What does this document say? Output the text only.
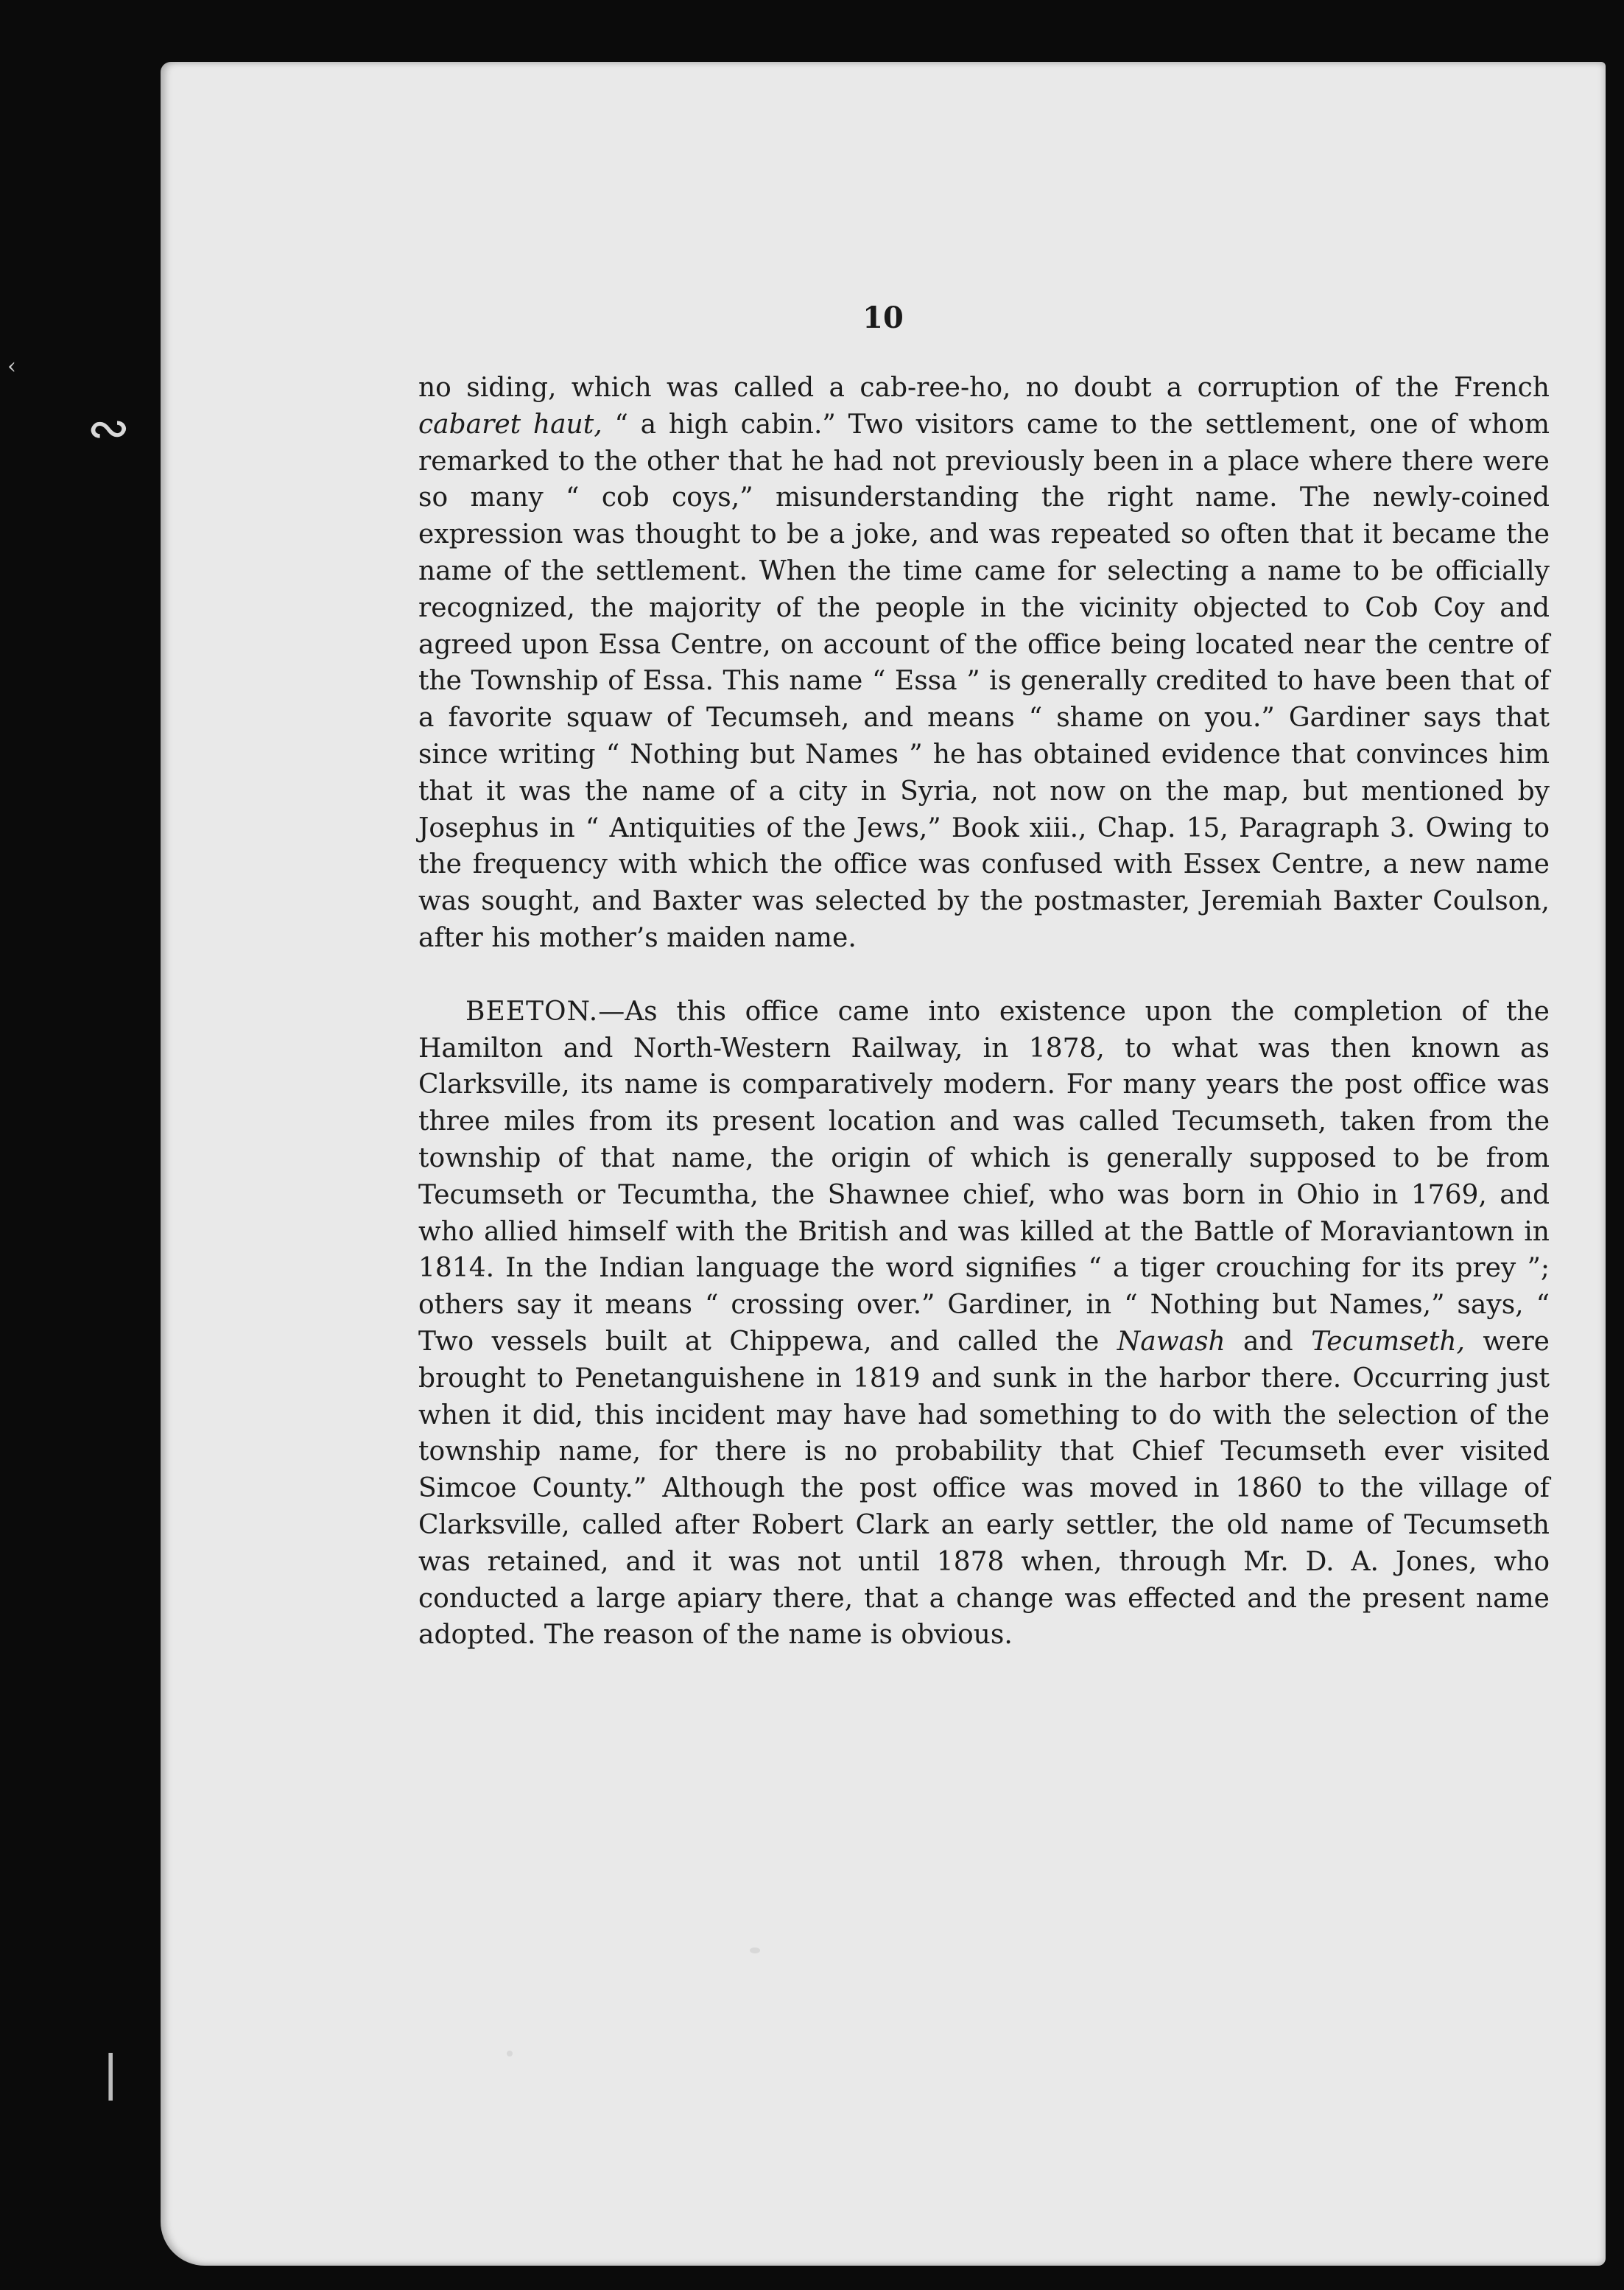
10

no siding, which was called a cab-ree-ho, no doubt a corruption of the French cabaret haut, “ a high cabin.” Two visitors came to the settlement, one of whom remarked to the other that he had not previously been in a place where there were so many “ cob coys,” misunderstanding the right name. The newly-coined expression was thought to be a joke, and was repeated so often that it became the name of the settlement. When the time came for selecting a name to be officially recognized, the majority of the people in the vicinity objected to Cob Coy and agreed upon Essa Centre, on account of the office being located near the centre of the Township of Essa. This name “ Essa ” is generally credited to have been that of a favorite squaw of Tecumseh, and means “ shame on you.” Gardiner says that since writing “ Nothing but Names ” he has obtained evidence that convinces him that it was the name of a city in Syria, not now on the map, but mentioned by Josephus in “ Antiquities of the Jews,” Book xiii., Chap. 15, Paragraph 3. Owing to the frequency with which the office was confused with Essex Centre, a new name was sought, and Baxter was selected by the postmaster, Jeremiah Baxter Coulson, after his mother’s maiden name.

BEETON.—As this office came into existence upon the completion of the Hamilton and North-Western Railway, in 1878, to what was then known as Clarksville, its name is comparatively modern. For many years the post office was three miles from its present location and was called Tecumseth, taken from the township of that name, the origin of which is generally supposed to be from Tecumseth or Tecumtha, the Shawnee chief, who was born in Ohio in 1769, and who allied himself with the British and was killed at the Battle of Moraviantown in 1814. In the Indian language the word signifies “ a tiger crouching for its prey ”; others say it means “ crossing over.” Gardiner, in “ Nothing but Names,” says, “ Two vessels built at Chippewa, and called the Nawash and Tecumseth, were brought to Penetanguishene in 1819 and sunk in the harbor there. Occurring just when it did, this incident may have had something to do with the selection of the township name, for there is no probability that Chief Tecumseth ever visited Simcoe County.” Although the post office was moved in 1860 to the village of Clarksville, called after Robert Clark an early settler, the old name of Tecumseth was retained, and it was not until 1878 when, through Mr. D. A. Jones, who conducted a large apiary there, that a change was effected and the present name adopted. The reason of the name is obvious.

∾
‹
∣
